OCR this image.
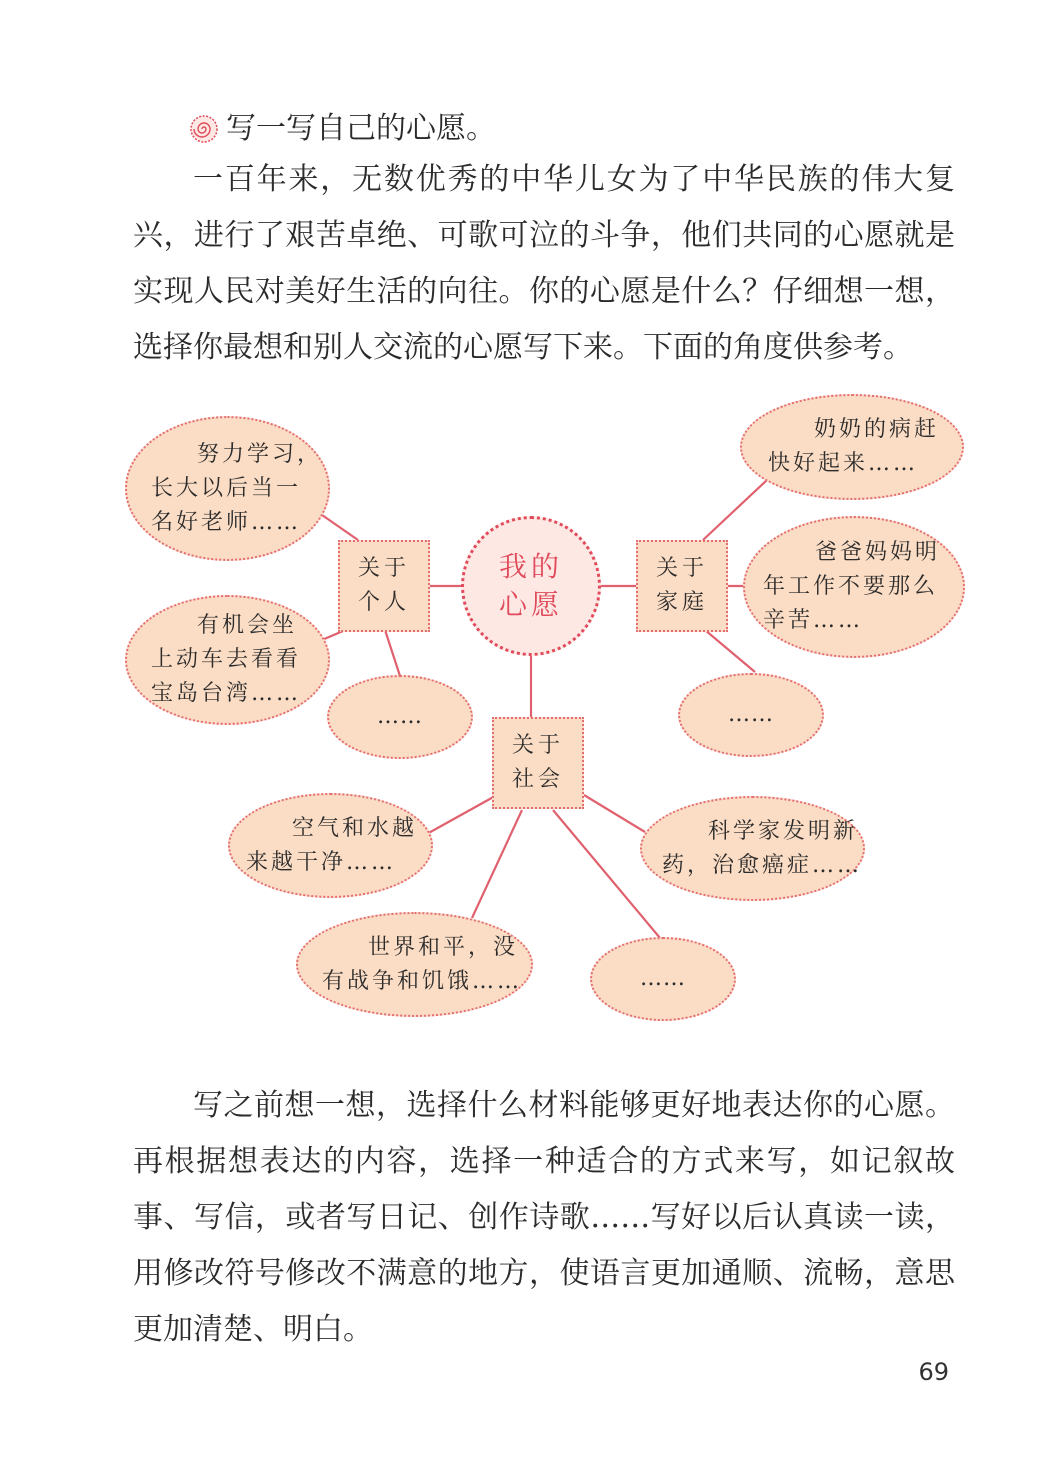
写一写自己的心愿。

一百年来，无数优秀的中华儿女为了中华民族的伟大复兴，进行了艰苦卓绝、可歌可泣的斗争，他们共同的心愿就是实现人民对美好生活的向往。你的心愿是什么？仔细想一想，选择你最想和别人交流的心愿写下来。下面的角度供参考。

我的
心愿
关于
个人
关于
家庭
关于
社会
努力学习，
长大以后当一
名好老师……
有机会坐
上动车去看看
宝岛台湾……
……
奶奶的病赶
快好起来……
爸爸妈妈明
年工作不要那么
辛苦……
……
空气和水越
来越干净……
科学家发明新
药，治愈癌症……
世界和平，没
有战争和饥饿……	……

写之前想一想，选择什么材料能够更好地表达你的心愿。再根据想表达的内容，选择一种适合的方式来写，如记叙故事、写信，或者写日记、创作诗歌……写好以后认真读一读，用修改符号修改不满意的地方，使语言更加通顺、流畅，意思更加清楚、明白。

69
